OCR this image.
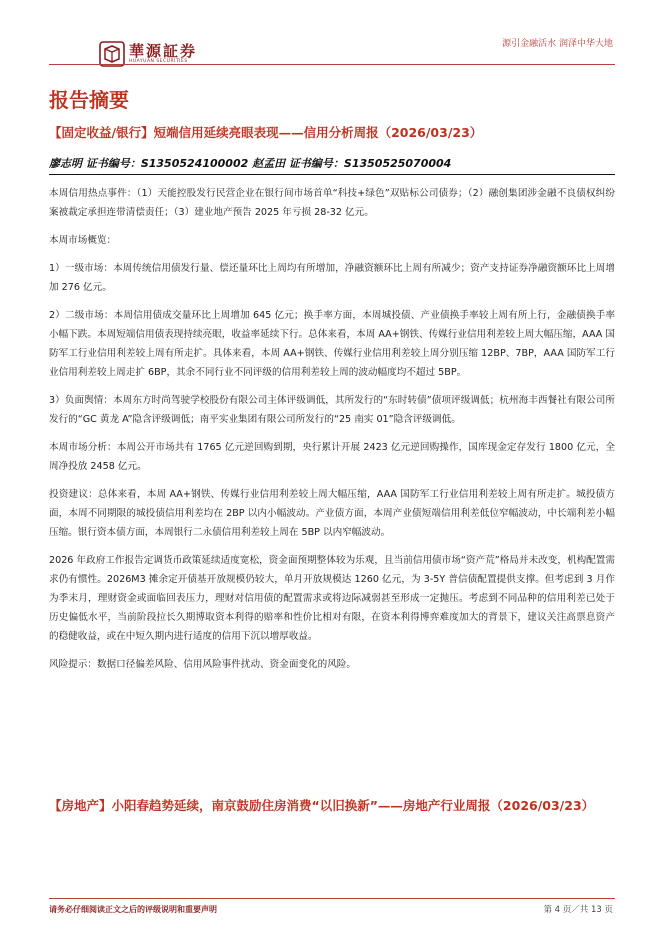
華源証券
HUAYUAN SECURITIES
源引金融活水 润泽中华大地
报告摘要
【固定收益/银行】短端信用延续亮眼表现——信用分析周报（2026/03/23）
廖志明 证书编号：S1350524100002 赵孟田 证书编号：S1350525070004

本周信用热点事件：（1）天能控股发行民营企业在银行间市场首单“科技+绿色”双贴标公司债券；（2）融创集团涉金融不良债权纠纷案被裁定承担连带清偿责任；（3）建业地产预告 2025 年亏损 28-32 亿元。

本周市场概览：

1）一级市场：本周传统信用债发行量、偿还量环比上周均有所增加，净融资额环比上周有所减少；资产支持证券净融资额环比上周增加 276 亿元。

2）二级市场：本周信用债成交量环比上周增加 645 亿元；换手率方面，本周城投债、产业债换手率较上周有所上行，金融债换手率小幅下跌。本周短端信用债表现持续亮眼，收益率延续下行。总体来看，本周 AA+钢铁、传媒行业信用利差较上周大幅压缩，AAA 国防军工行业信用利差较上周有所走扩。具体来看，本周 AA+钢铁、传媒行业信用利差较上周分别压缩 12BP、7BP，AAA 国防军工行业信用利差较上周走扩 6BP，其余不同行业不同评级的信用利差较上周的波动幅度均不超过 5BP。

3）负面舆情：本周东方时尚驾驶学校股份有限公司主体评级调低，其所发行的“东时转债”债项评级调低；杭州海丰西餐社有限公司所发行的“GC 黄龙 A”隐含评级调低；南平实业集团有限公司所发行的“25 南实 01”隐含评级调低。

本周市场分析：本周公开市场共有 1765 亿元逆回购到期，央行累计开展 2423 亿元逆回购操作，国库现金定存发行 1800 亿元，全周净投放 2458 亿元。

投资建议：总体来看，本周 AA+钢铁、传媒行业信用利差较上周大幅压缩，AAA 国防军工行业信用利差较上周有所走扩。城投债方面，本周不同期限的城投债信用利差均在 2BP 以内小幅波动。产业债方面，本周产业债短端信用利差低位窄幅波动，中长端利差小幅压缩。银行资本债方面，本周银行二永债信用利差较上周在 5BP 以内窄幅波动。

2026 年政府工作报告定调货币政策延续适度宽松，资金面预期整体较为乐观，且当前信用债市场“资产荒”格局并未改变，机构配置需求仍有惯性。2026M3 摊余定开债基开放规模仍较大，单月开放规模达 1260 亿元，为 3-5Y 普信债配置提供支撑。但考虑到 3 月作为季末月，理财资金或面临回表压力，理财对信用债的配置需求或将边际减弱甚至形成一定抛压。考虑到不同品种的信用利差已处于历史偏低水平，当前阶段拉长久期博取资本利得的赔率和性价比相对有限，在资本利得博弈难度加大的背景下，建议关注高票息资产的稳健收益，或在中短久期内进行适度的信用下沉以增厚收益。

风险提示：数据口径偏差风险、信用风险事件扰动、资金面变化的风险。

【房地产】小阳春趋势延续，南京鼓励住房消费“以旧换新”——房地产行业周报（2026/03/23）
请务必仔细阅读正文之后的评级说明和重要声明	第 4 页／共 13 页
